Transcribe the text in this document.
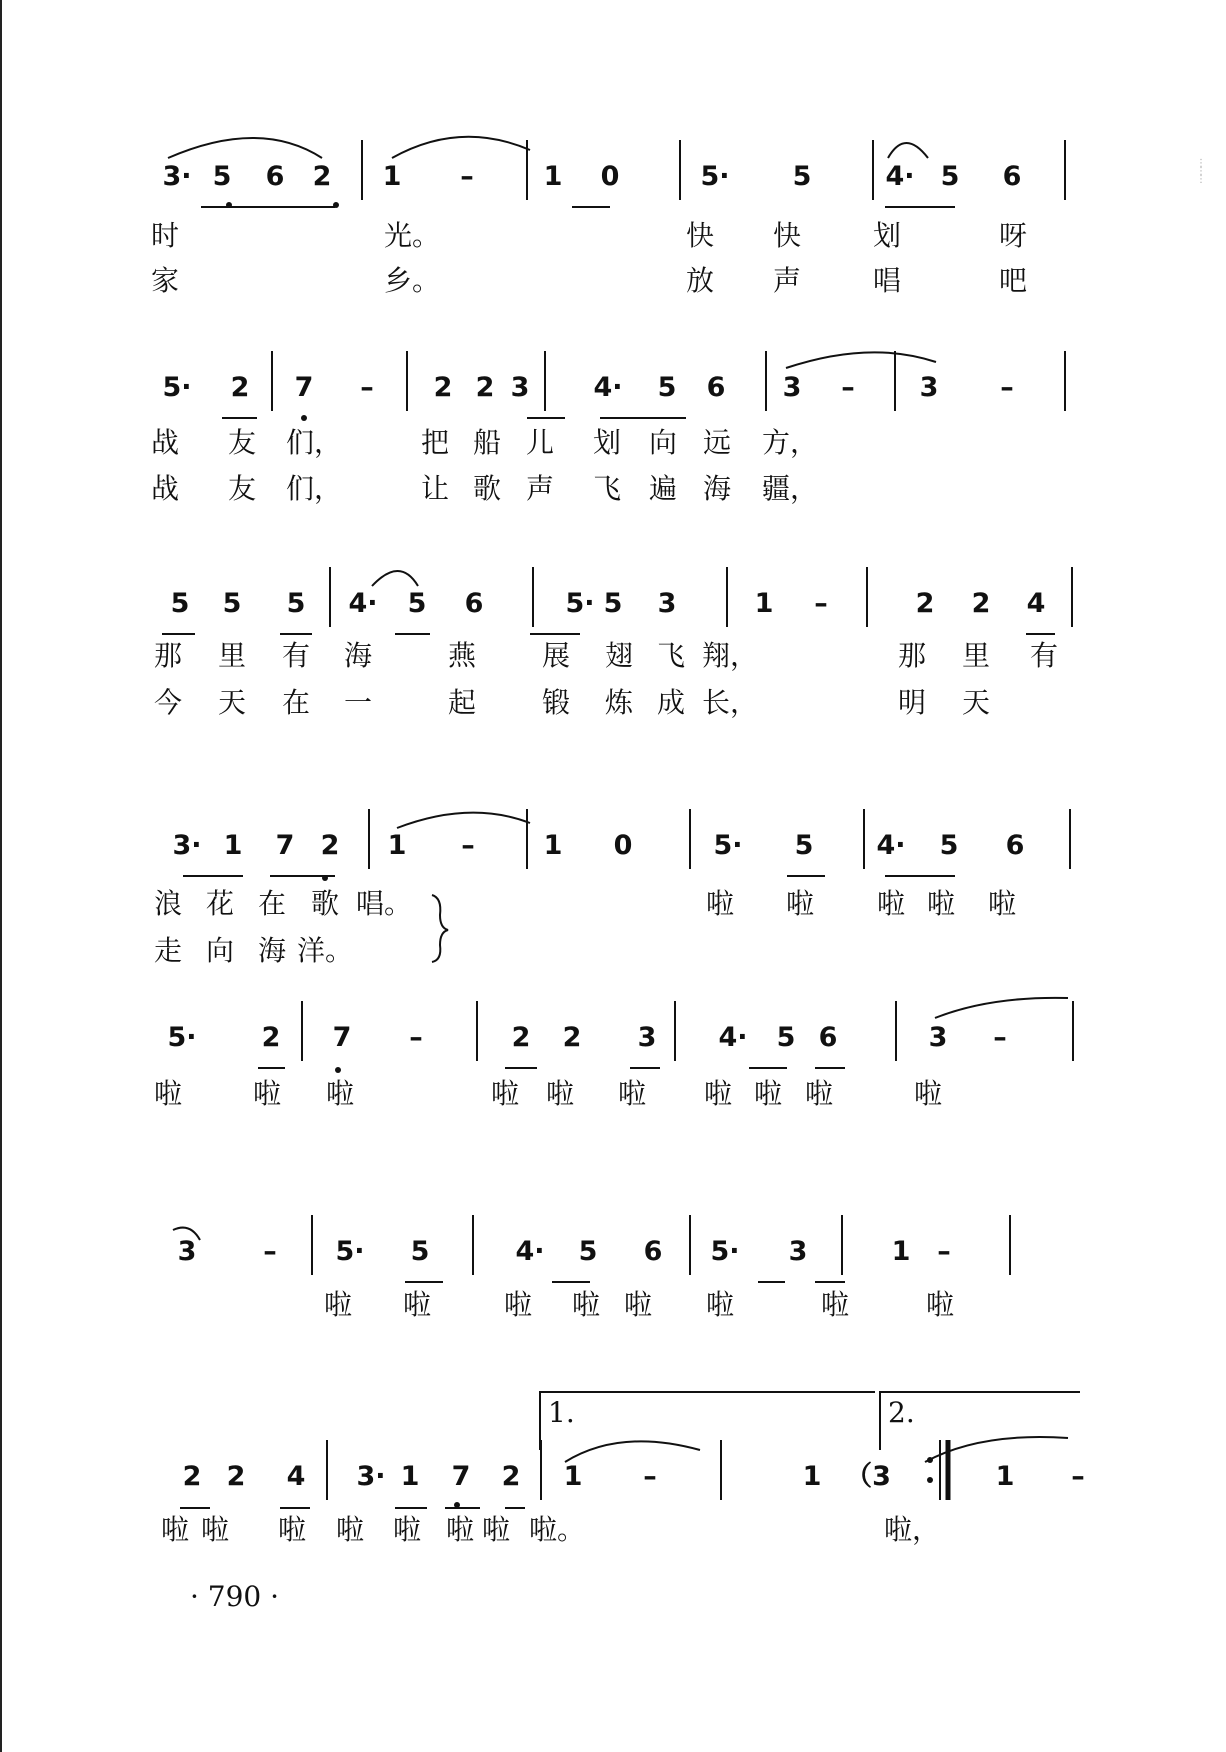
⋮
⋮
⋮
3· 5 6 2 1 –	1 0	5· 5	4· 5 6
时	光。	快 快	划	呀
家	乡。	放 声	唱	吧
5· 2 7 – 2 2 3 4· 5 6 3 – 3 –
战 友 们，	把 船 儿 划 向 远 方，
战 友 们，	让 歌 声 飞 遍 海 疆，
5 5 5 4· 5 6	5· 5 3	1 –	2 2 4
那 里 有 海	燕 展 翅 飞 翔，	那 里 有
今 天 在 一	起 锻 炼 成 长，	明 天
3· 1 7 2 1 –	1 0	5· 5 4· 5 6
浪 花 在 歌 唱。	啦 啦 啦 啦 啦
走 向 海 洋。
5· 2 7 –	2 2 3 4· 5 6	3 –
啦	啦 啦	啦 啦 啦 啦 啦 啦	啦
3 – 5· 5	4· 5 6 5· 3	1 –
啦 啦	啦 啦 啦 啦	啦	啦
2 2 4 3· 1 7 2 1 –	1 （3	1 –
啦 啦 啦 啦 啦 啦 啦 啦。	啦，
1.	2.
· 790 ·
